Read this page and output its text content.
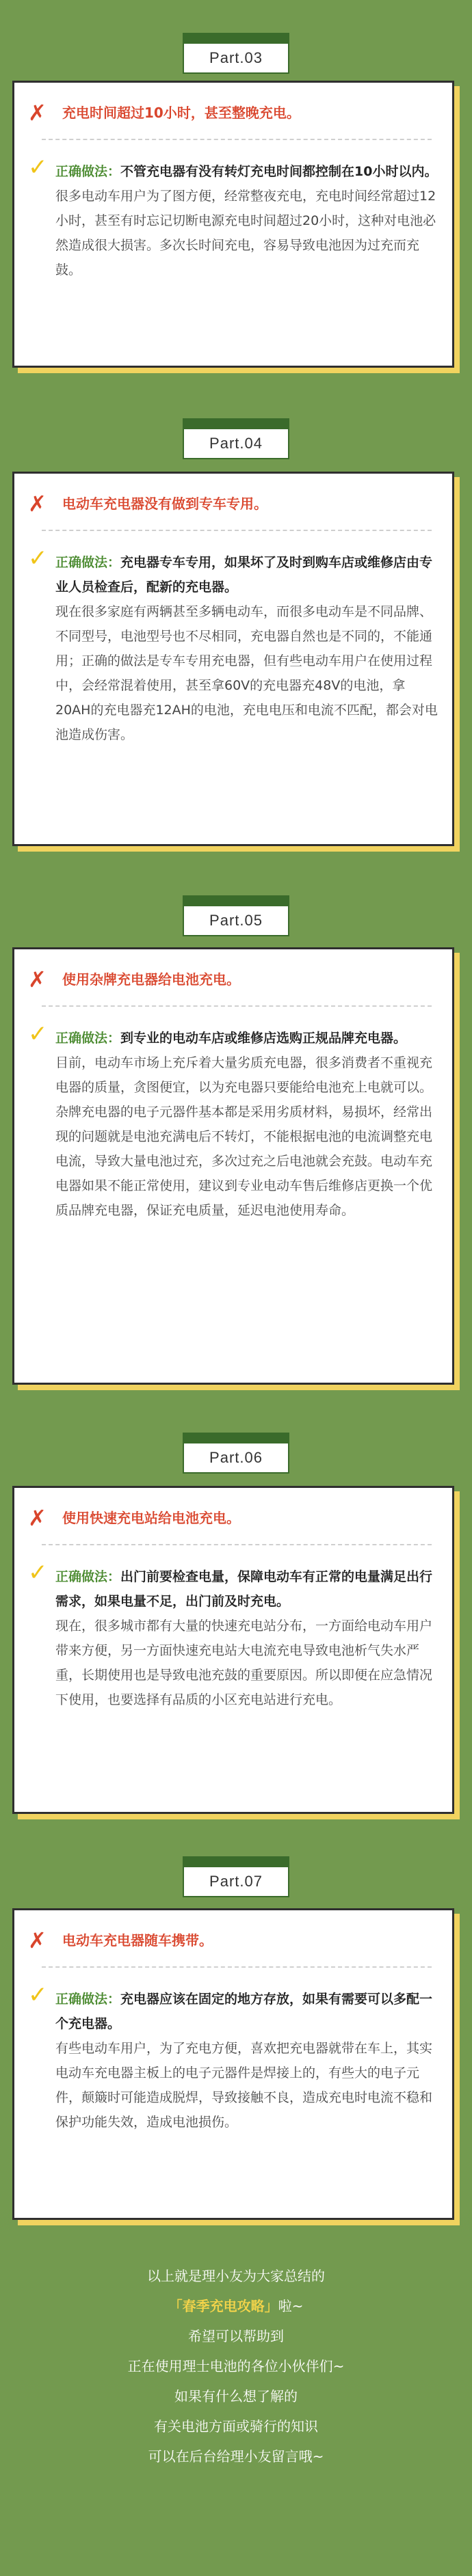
Part.03
✗ 充电时间超过10小时，甚至整晚充电。
✓ 正确做法：不管充电器有没有转灯充电时间都控制在10小时以内。
很多电动车用户为了图方便，经常整夜充电，充电时间经常超过12小时，甚至有时忘记切断电源充电时间超过20小时，这种对电池必然造成很大损害。多次长时间充电，容易导致电池因为过充而充鼓。
Part.04
✗ 电动车充电器没有做到专车专用。
✓ 正确做法：充电器专车专用，如果坏了及时到购车店或维修店由专业人员检查后，配新的充电器。
现在很多家庭有两辆甚至多辆电动车，而很多电动车是不同品牌、不同型号，电池型号也不尽相同，充电器自然也是不同的，不能通用；正确的做法是专车专用充电器，但有些电动车用户在使用过程中，会经常混着使用，甚至拿60V的充电器充48V的电池，拿20AH的充电器充12AH的电池，充电电压和电流不匹配，都会对电池造成伤害。
Part.05
✗ 使用杂牌充电器给电池充电。
✓ 正确做法：到专业的电动车店或维修店选购正规品牌充电器。
目前，电动车市场上充斥着大量劣质充电器，很多消费者不重视充电器的质量，贪图便宜，以为充电器只要能给电池充上电就可以。杂牌充电器的电子元器件基本都是采用劣质材料，易损坏，经常出现的问题就是电池充满电后不转灯，不能根据电池的电流调整充电电流，导致大量电池过充，多次过充之后电池就会充鼓。电动车充电器如果不能正常使用，建议到专业电动车售后维修店更换一个优质品牌充电器，保证充电质量，延迟电池使用寿命。
Part.06
✗ 使用快速充电站给电池充电。
✓ 正确做法：出门前要检查电量，保障电动车有正常的电量满足出行需求，如果电量不足，出门前及时充电。
现在，很多城市都有大量的快速充电站分布，一方面给电动车用户带来方便，另一方面快速充电站大电流充电导致电池析气失水严重，长期使用也是导致电池充鼓的重要原因。所以即便在应急情况下使用，也要选择有品质的小区充电站进行充电。
Part.07
✗ 电动车充电器随车携带。
✓ 正确做法：充电器应该在固定的地方存放，如果有需要可以多配一个充电器。
有些电动车用户，为了充电方便，喜欢把充电器就带在车上，其实电动车充电器主板上的电子元器件是焊接上的，有些大的电子元件，颠簸时可能造成脱焊，导致接触不良，造成充电时电流不稳和保护功能失效，造成电池损伤。
以上就是理小友为大家总结的
「春季充电攻略」啦~
希望可以帮助到
正在使用理士电池的各位小伙伴们~
如果有什么想了解的
有关电池方面或骑行的知识
可以在后台给理小友留言哦~
